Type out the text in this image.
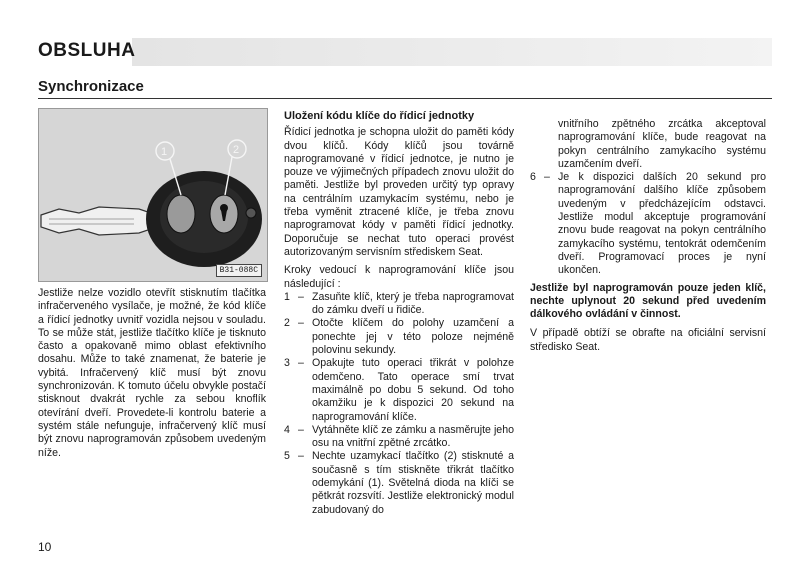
OBSLUHA
Synchronizace
1	2
B31-088C

Jestliže nelze vozidlo otevřít stisknutím tlačítka infračerveného vysílače, je možné, že kód klíče a řídicí jednotky uvnitř vozidla nejsou v souladu. To se může stát, jestliže tlačítko klíče je tisknuto často a opakovaně mimo oblast efektivního dosahu. Může to také znamenat, že baterie je vybitá. Infračervený klíč musí být znovu synchronizován. K tomuto účelu obvykle postačí stisknout dvakrát rychle za sebou knoflík otevírání dveří. Provedete-li kontrolu baterie a systém stále nefunguje, infračervený klíč musí být znovu naprogramován způsobem uvedeným níže.

Uložení kódu klíče do řídicí jednotky

Řídicí jednotka je schopna uložit do paměti kódy dvou klíčů. Kódy klíčů jsou továrně naprogramované v řídicí jednotce, je nutno je pouze ve výjimečných případech znovu uložit do paměti. Jestliže byl proveden určitý typ opravy na centrálním uzamykacím systému, nebo je třeba vyměnit ztracené klíče, je třeba znovu naprogramovat kódy v paměti řídicí jednotky. Doporučuje se nechat tuto operaci provést autorizovaným servisním střediskem Seat.

Kroky vedoucí k naprogramování klíče jsou následující :

1 – Zasuňte klíč, který je třeba naprogramovat do zámku dveří u řidiče.
2 – Otočte klíčem do polohy uzamčení a ponechte jej v této poloze nejméně polovinu sekundy.
3 – Opakujte tuto operaci třikrát v polohze odemčeno. Tato operace smí trvat maximálně po dobu 5 sekund. Od toho okamžiku je k dispozici 20 sekund na naprogramování klíče.
4 – Vytáhněte klíč ze zámku a nasměrujte jeho osu na vnitřní zpětné zrcátko.
5 – Nechte uzamykací tlačítko (2) stisknuté a současně s tím stiskněte třikrát tlačítko odemykání (1). Světelná dioda na klíči se pětkrát rozsvítí. Jestliže elektronický modul zabudovaný do

vnitřního zpětného zrcátka akceptoval naprogramování klíče, bude reagovat na pokyn centrálního zamykacího systému uzamčením dveří.

6 – Je k dispozici dalších 20 sekund pro naprogramování dalšího klíče způsobem uvedeným v předcházejícím odstavci. Jestliže modul akceptuje programování znovu bude reagovat na pokyn centrálního zamykacího systému, tentokrát odemčením dveří. Programovací proces je nyní ukončen.

Jestliže byl naprogramován pouze jeden klíč, nechte uplynout 20 sekund před uvedením dálkového ovládání v činnost.

V případě obtíží se obrafte na oficiální servisní středisko Seat.

10
